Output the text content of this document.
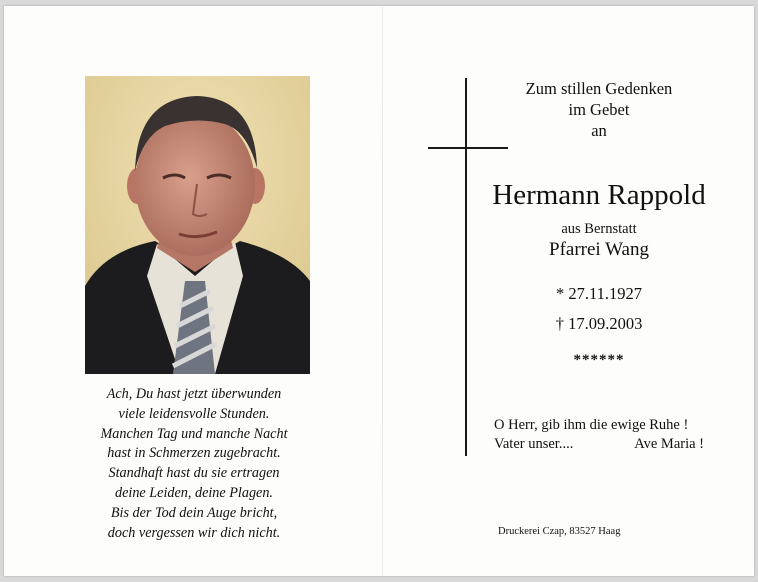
Ach, Du hast jetzt überwunden
viele leidensvolle Stunden.
Manchen Tag und manche Nacht
hast in Schmerzen zugebracht.
Standhaft hast du sie ertragen
deine Leiden, deine Plagen.
Bis der Tod dein Auge bricht,
doch vergessen wir dich nicht.
Zum stillen Gedenken
im Gebet
an
Hermann Rappold
aus Bernstatt
Pfarrei Wang
* 27.11.1927
† 17.09.2003
******
O Herr, gib ihm die ewige Ruhe !
Vater unser....	Ave Maria !
Druckerei Czap, 83527 Haag
